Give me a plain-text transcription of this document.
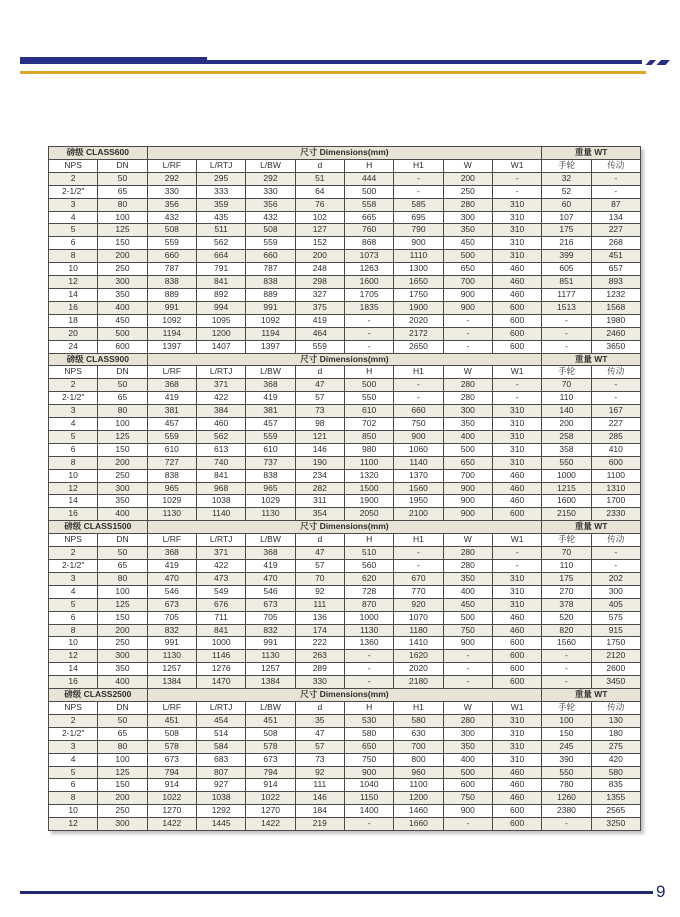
磅级 CLASS600		尺寸 Dimensions(mm)								重量 WT	
NPS	DN	L/RF	L/RTJ	L/BW	d	H	H1	W	W1	手轮	传动
2	50	292	295	292	51	444	-	200	-	32	-
2-1/2"	65	330	333	330	64	500	-	250	-	52	-
3	80	356	359	356	76	558	585	280	310	60	87
4	100	432	435	432	102	665	695	300	310	107	134
5	125	508	511	508	127	760	790	350	310	175	227
6	150	559	562	559	152	868	900	450	310	216	268
8	200	660	664	660	200	1073	1110	500	310	399	451
10	250	787	791	787	248	1263	1300	650	460	605	657
12	300	838	841	838	298	1600	1650	700	460	851	893
14	350	889	892	889	327	1705	1750	900	460	1177	1232
16	400	991	994	991	375	1835	1900	900	600	1513	1568
18	450	1092	1095	1092	419	-	2020	-	600	-	1980
20	500	1194	1200	1194	464	-	2172	-	600	-	2460
24	600	1397	1407	1397	559	-	2650	-	600	-	3650
磅级 CLASS900		尺寸 Dimensions(mm)								重量 WT	
NPS	DN	L/RF	L/RTJ	L/BW	d	H	H1	W	W1	手轮	传动
2	50	368	371	368	47	500	-	280	-	70	-
2-1/2"	65	419	422	419	57	550	-	280	-	110	-
3	80	381	384	381	73	610	660	300	310	140	167
4	100	457	460	457	98	702	750	350	310	200	227
5	125	559	562	559	121	850	900	400	310	258	285
6	150	610	613	610	146	980	1060	500	310	358	410
8	200	727	740	737	190	1100	1140	650	310	550	600
10	250	838	841	838	234	1320	1370	700	460	1000	1100
12	300	965	968	965	282	1500	1560	900	460	1215	1310
14	350	1029	1038	1029	311	1900	1950	900	460	1600	1700
16	400	1130	1140	1130	354	2050	2100	900	600	2150	2330
磅级 CLASS1500		尺寸 Dimensions(mm)								重量 WT	
NPS	DN	L/RF	L/RTJ	L/BW	d	H	H1	W	W1	手轮	传动
2	50	368	371	368	47	510	-	280	-	70	-
2-1/2"	65	419	422	419	57	560	-	280	-	110	-
3	80	470	473	470	70	620	670	350	310	175	202
4	100	546	549	546	92	728	770	400	310	270	300
5	125	673	676	673	111	870	920	450	310	378	405
6	150	705	711	705	136	1000	1070	500	460	520	575
8	200	832	841	832	174	1130	1180	750	460	820	915
10	250	991	1000	991	222	1360	1410	900	600	1560	1750
12	300	1130	1146	1130	263	-	1620	-	600	-	2120
14	350	1257	1276	1257	289	-	2020	-	600	-	2600
16	400	1384	1470	1384	330	-	2180	-	600	-	3450
磅级 CLASS2500		尺寸 Dimensions(mm)								重量 WT	
NPS	DN	L/RF	L/RTJ	L/BW	d	H	H1	W	W1	手轮	传动
2	50	451	454	451	35	530	580	280	310	100	130
2-1/2"	65	508	514	508	47	580	630	300	310	150	180
3	80	578	584	578	57	650	700	350	310	245	275
4	100	673	683	673	73	750	800	400	310	390	420
5	125	794	807	794	92	900	960	500	460	550	580
6	150	914	927	914	111	1040	1100	600	460	780	835
8	200	1022	1038	1022	146	1150	1200	750	460	1260	1355
10	250	1270	1292	1270	184	1400	1460	900	600	2380	2565
12	300	1422	1445	1422	219	-	1660	-	600	-	3250
9
